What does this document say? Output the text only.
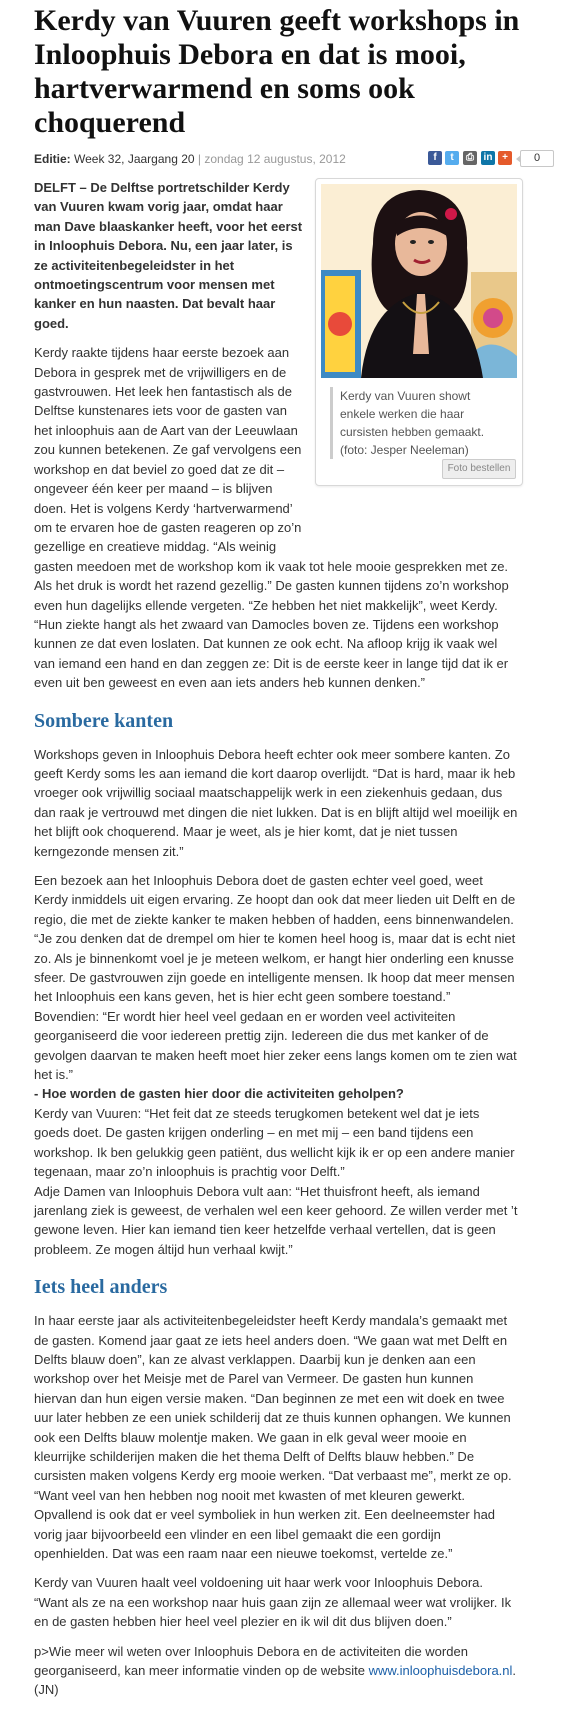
Kerdy van Vuuren geeft workshops in Inloophuis Debora en dat is mooi, hartverwarmend en soms ook choquerend
Editie: Week 32, Jaargang 20 | zondag 12 augustus, 2012	f	t	⎙ in +	0
Kerdy van Vuuren showt enkele werken die haar cursisten hebben gemaakt. (foto: Jesper Neeleman)
Foto bestellen

DELFT – De Delftse portretschilder Kerdy van Vuuren kwam vorig jaar, omdat haar man Dave blaaskanker heeft, voor het eerst in Inloophuis Debora. Nu, een jaar later, is ze activiteitenbegeleidster in het ontmoetingscentrum voor mensen met kanker en hun naasten. Dat bevalt haar goed.

Kerdy raakte tijdens haar eerste bezoek aan Debora in gesprek met de vrijwilligers en de gastvrouwen. Het leek hen fantastisch als de Delftse kunstenares iets voor de gasten van het inloophuis aan de Aart van der Leeuwlaan zou kunnen betekenen. Ze gaf vervolgens een workshop en dat beviel zo goed dat ze dit – ongeveer één keer per maand – is blijven doen. Het is volgens Kerdy ‘hartverwarmend’ om te ervaren hoe de gasten reageren op zo’n gezellige en creatieve middag. “Als weinig

gasten meedoen met de workshop kom ik vaak tot hele mooie gesprekken met ze. Als het druk is wordt het razend gezellig.” De gasten kunnen tijdens zo’n workshop even hun dagelijks ellende vergeten. “Ze hebben het niet makkelijk”, weet Kerdy. “Hun ziekte hangt als het zwaard van Damocles boven ze. Tijdens een workshop kunnen ze dat even loslaten. Dat kunnen ze ook echt. Na afloop krijg ik vaak wel van iemand een hand en dan zeggen ze: Dit is de eerste keer in lange tijd dat ik er even uit ben geweest en even aan iets anders heb kunnen denken.”

Sombere kanten

Workshops geven in Inloophuis Debora heeft echter ook meer sombere kanten. Zo geeft Kerdy soms les aan iemand die kort daarop overlijdt. “Dat is hard, maar ik heb vroeger ook vrijwillig sociaal maatschappelijk werk in een ziekenhuis gedaan, dus dan raak je vertrouwd met dingen die niet lukken. Dat is en blijft altijd wel moeilijk en het blijft ook choquerend. Maar je weet, als je hier komt, dat je niet tussen kerngezonde mensen zit.”

Een bezoek aan het Inloophuis Debora doet de gasten echter veel goed, weet Kerdy inmiddels uit eigen ervaring. Ze hoopt dan ook dat meer lieden uit Delft en de regio, die met de ziekte kanker te maken hebben of hadden, eens binnenwandelen. “Je zou denken dat de drempel om hier te komen heel hoog is, maar dat is echt niet zo. Als je binnenkomt voel je je meteen welkom, er hangt hier onderling een knusse sfeer. De gastvrouwen zijn goede en intelligente mensen. Ik hoop dat meer mensen het Inloophuis een kans geven, het is hier echt geen sombere toestand.” Bovendien: “Er wordt hier heel veel gedaan en er worden veel activiteiten georganiseerd die voor iedereen prettig zijn. Iedereen die dus met kanker of de gevolgen daarvan te maken heeft moet hier zeker eens langs komen om te zien wat het is.”

- Hoe worden de gasten hier door die activiteiten geholpen?

Kerdy van Vuuren: “Het feit dat ze steeds terugkomen betekent wel dat je iets goeds doet. De gasten krijgen onderling – en met mij – een band tijdens een workshop. Ik ben gelukkig geen patiënt, dus wellicht kijk ik er op een andere manier tegenaan, maar zo’n inloophuis is prachtig voor Delft.”

Adje Damen van Inloophuis Debora vult aan: “Het thuisfront heeft, als iemand jarenlang ziek is geweest, de verhalen wel een keer gehoord. Ze willen verder met ’t gewone leven. Hier kan iemand tien keer hetzelfde verhaal vertellen, dat is geen probleem. Ze mogen áltijd hun verhaal kwijt.”

Iets heel anders

In haar eerste jaar als activiteitenbegeleidster heeft Kerdy mandala’s gemaakt met de gasten. Komend jaar gaat ze iets heel anders doen. “We gaan wat met Delft en Delfts blauw doen”, kan ze alvast verklappen. Daarbij kun je denken aan een workshop over het Meisje met de Parel van Vermeer. De gasten hun kunnen hiervan dan hun eigen versie maken. “Dan beginnen ze met een wit doek en twee uur later hebben ze een uniek schilderij dat ze thuis kunnen ophangen. We kunnen ook een Delfts blauw molentje maken. We gaan in elk geval weer mooie en kleurrijke schilderijen maken die het thema Delft of Delfts blauw hebben.” De cursisten maken volgens Kerdy erg mooie werken. “Dat verbaast me”, merkt ze op. “Want veel van hen hebben nog nooit met kwasten of met kleuren gewerkt. Opvallend is ook dat er veel symboliek in hun werken zit. Een deelneemster had vorig jaar bijvoorbeeld een vlinder en een libel gemaakt die een gordijn openhielden. Dat was een raam naar een nieuwe toekomst, vertelde ze.”

Kerdy van Vuuren haalt veel voldoening uit haar werk voor Inloophuis Debora. “Want als ze na een workshop naar huis gaan zijn ze allemaal weer wat vrolijker. Ik en de gasten hebben hier heel veel plezier en ik wil dit dus blijven doen.”

p>Wie meer wil weten over Inloophuis Debora en de activiteiten die worden georganiseerd, kan meer informatie vinden op de website www.inloophuisdebora.nl. (JN)
